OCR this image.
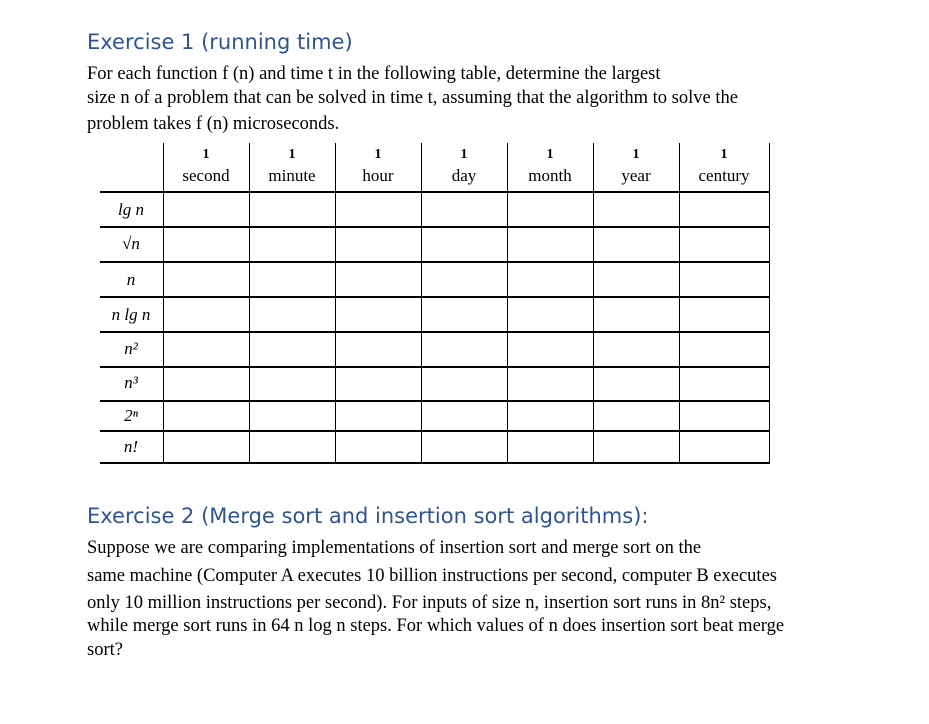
Exercise 1 (running time)

For each function f (n) and time t in the following table, determine the largest

size n of a problem that can be solved in time t, assuming that the algorithm to solve the

problem takes f (n) microseconds.

1
second
1
minute
1
hour
1
day
1
month
1
year
1
century
lg n
√n
n
n lg n
n²
n³
2ⁿ
n!
Exercise 2 (Merge sort and insertion sort algorithms):

Suppose we are comparing implementations of insertion sort and merge sort on the

same machine (Computer A executes 10 billion instructions per second, computer B executes

only 10 million instructions per second). For inputs of size n, insertion sort runs in 8n² steps,

while merge sort runs in 64 n log n steps. For which values of n does insertion sort beat merge

sort?
